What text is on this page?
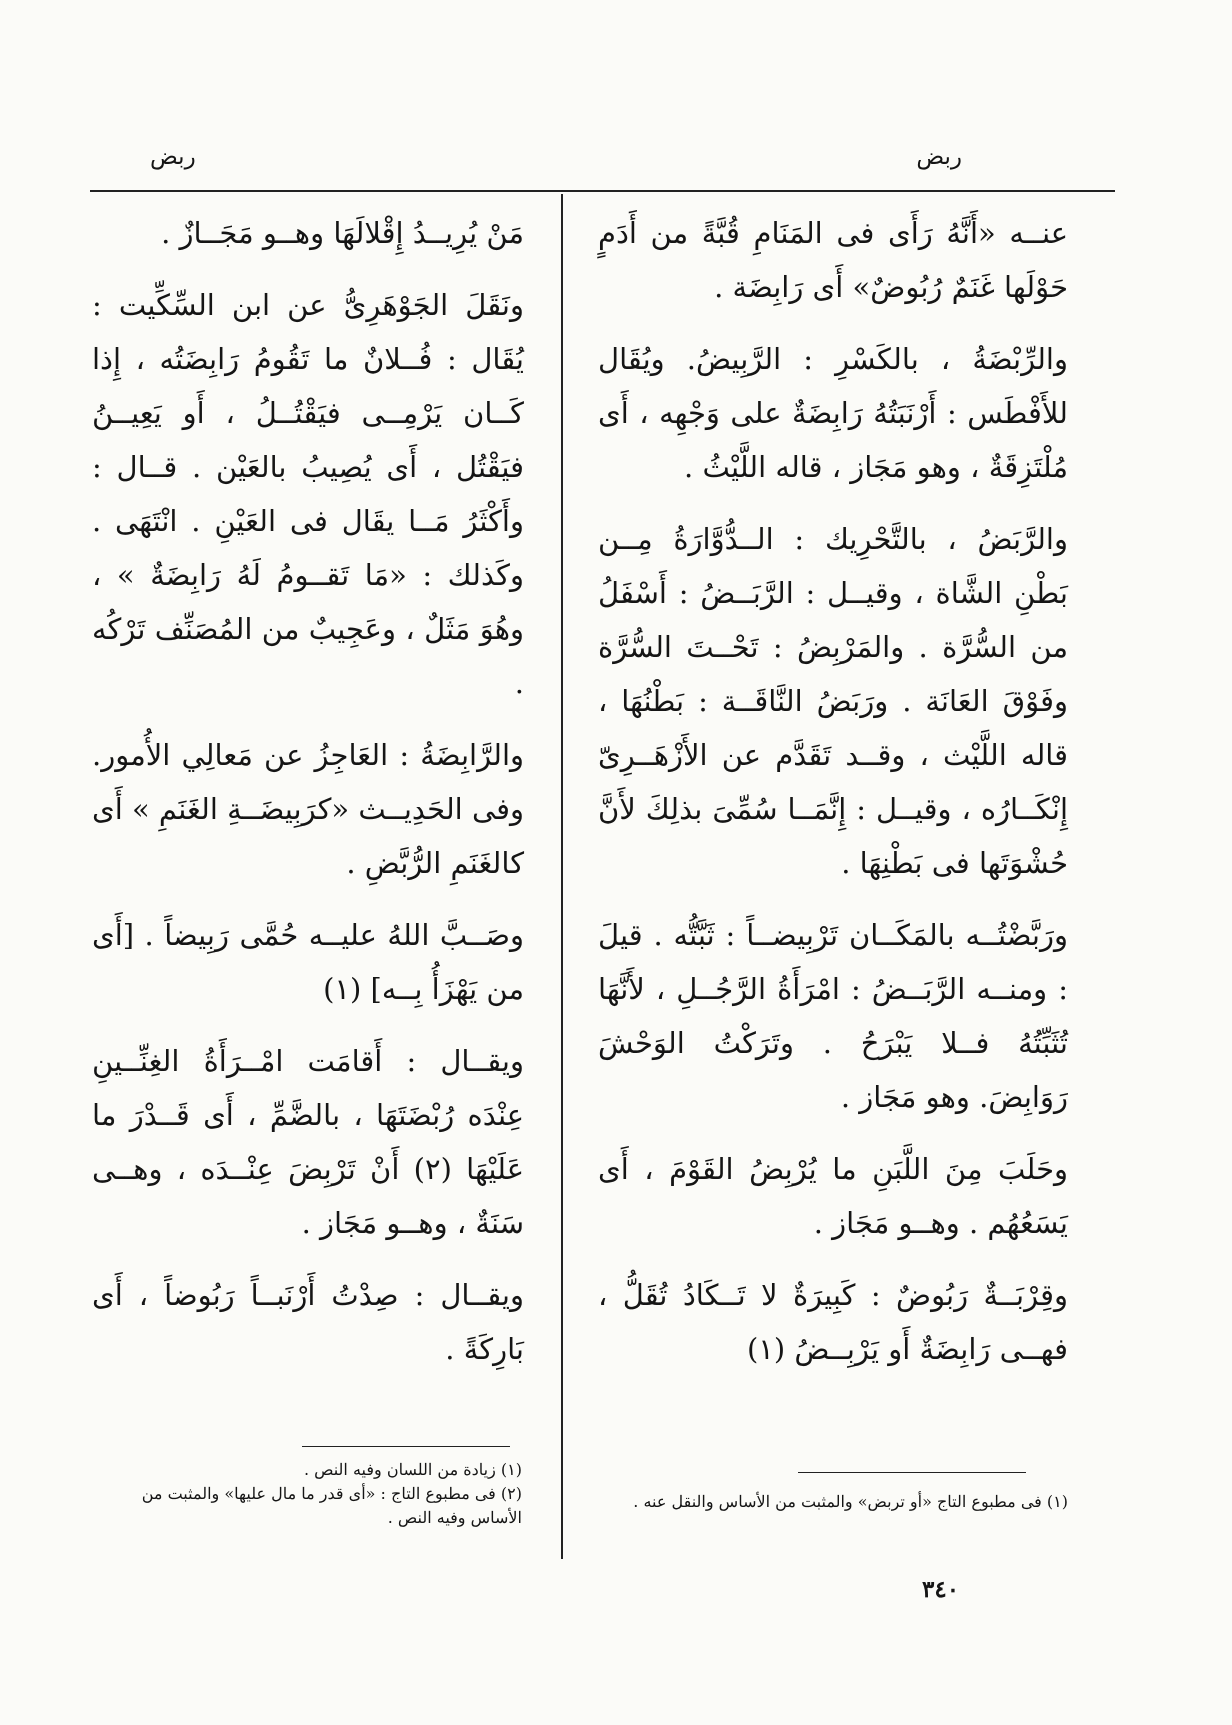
ربض	ربض

عنــه «أَنَّهُ رَأَى فى المَنَامِ قُبَّةً من أَدَمٍ حَوْلَها غَنَمٌ رُبُوضٌ» أَى رَابِضَة .

والرِّبْضَةُ ، بالكَسْرِ : الرَّبِيضُ. ويُقَال للأَفْطَس : أَرْنَبَتُهُ رَابِضَةٌ على وَجْهِه ، أَى مُلْتَزِقَةٌ ، وهو مَجَاز ، قاله اللَّيْثُ .

والرَّبَضُ ، بالتَّحْرِيك : الــدُّوَّارَةُ مِــن بَطْنِ الشَّاة ، وقيــل : الرَّبَــضُ : أَسْفَلُ من السُّرَّة . والمَرْبِضُ : تَحْــتَ السُّرَّة وفَوْقَ العَانَة . ورَبَضُ النَّاقَــة : بَطْنُهَا ، قاله اللَّيْث ، وقــد تَقَدَّم عن الأَزْهَــرِىّ إِنْكَــارُه ، وقيــل : إِنَّمَــا سُمِّىَ بذلِكَ لأَنَّ حُشْوَتَها فى بَطْنِهَا .

ورَبَّضْتُــه بالمَكَــان تَرْبِيضــاً : ثَبَّتُّه . قيلَ : ومنــه الرَّبَــضُ : امْرَأَةُ الرَّجُــلِ ، لأَنَّهَا تُثَبِّتُهُ فــلا يَبْرَحُ . وتَرَكْتُ الوَحْشَ رَوَابِضَ. وهو مَجَاز .

وحَلَبَ مِنَ اللَّبَنِ ما يُرْبِضُ القَوْمَ ، أَى يَسَعُهُم . وهــو مَجَاز .

وقِرْبَــةٌ رَبُوضٌ : كَبِيرَةٌ لا تَــكَادُ تُقَلُّ ، فهــى رَابِضَةٌ أَو يَرْبِــضُ (١)

مَنْ يُرِيــدُ إِقْلالَهَا وهــو مَجَــازٌ .

ونَقَلَ الجَوْهَرِىُّ عن ابن السِّكِّيت : يُقَال : فُــلانٌ ما تَقُومُ رَابِضَتُه ، إِذا كَــان يَرْمِــى فيَقْتُــلُ ، أَو يَعِيــنُ فيَقْتُل ، أَى يُصِيبُ بالعَيْن . قــال : وأَكْثَرُ مَــا يقَال فى العَيْنِ . انْتَهَى . وكَذلك : «مَا تَقــومُ لَهُ رَابِضَةٌ » ، وهُوَ مَثَلٌ ، وعَجِيبٌ من المُصَنِّف تَرْكُه .

والرَّابِضَةُ : العَاجِزُ عن مَعالِي الأُمور. وفى الحَدِيــث «كرَبِيضَــةِ الغَنَمِ » أَى كالغَنَمِ الرُّبَّضِ .

وصَــبَّ اللهُ عليــه حُمَّى رَبِيضاً . [أَى من يَهْزَأُ بِــه] (١)

ويقــال : أَقامَت امْــرَأَةُ الغِنِّــينِ عِنْدَه رُبْضَتَهَا ، بالضَّمِّ ، أَى قَــدْرَ ما عَلَيْهَا (٢) أَنْ تَرْبِضَ عِنْــدَه ، وهــى سَنَةٌ ، وهــو مَجَاز .

ويقــال : صِدْتُ أَرْنَبــاً رَبُوضاً ، أَى بَارِكَةً .

(١) فى مطبوع التاج «أو تربض» والمثبت من الأساس والنقل عنه .

(١) زيادة من اللسان وفيه النص .

(٢) فى مطبوع التاج : «أى قدر ما مال عليها» والمثبت من الأساس وفيه النص .

٣٤٠
